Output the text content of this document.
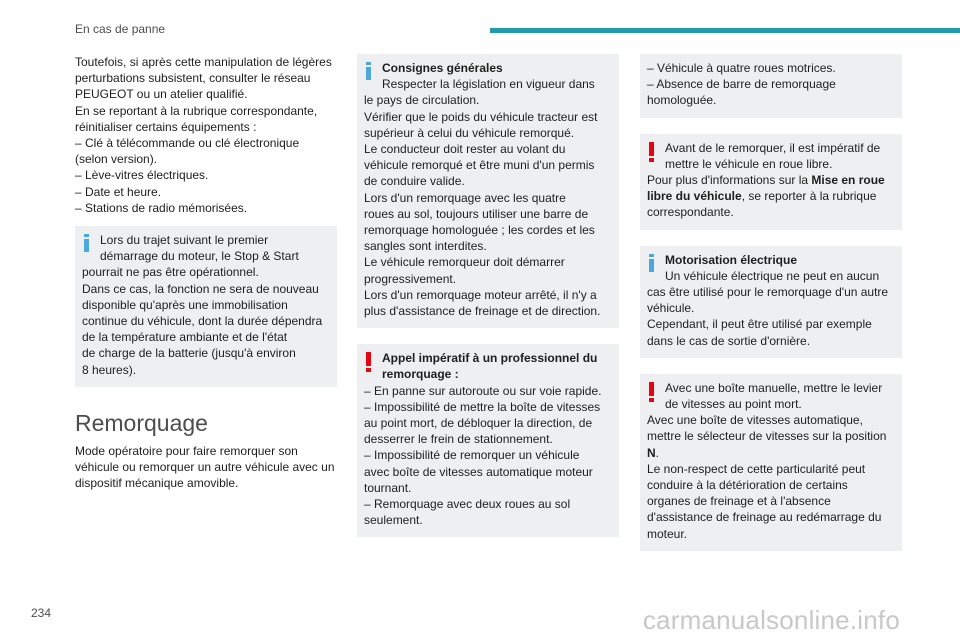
En cas de panne

Toutefois, si après cette manipulation de légères

perturbations subsistent, consulter le réseau

PEUGEOT ou un atelier qualifié.

En se reportant à la rubrique correspondante,

réinitialiser certains équipements :

– Clé à télécommande ou clé électronique

(selon version).

– Lève-vitres électriques.

– Date et heure.

– Stations de radio mémorisées.

Lors du trajet suivant le premier
démarrage du moteur, le Stop & Start
pourrait ne pas être opérationnel.
Dans ce cas, la fonction ne sera de nouveau
disponible qu'après une immobilisation
continue du véhicule, dont la durée dépendra
de la température ambiante et de l'état
de charge de la batterie (jusqu'à environ
8 heures).
Remorquage

Mode opératoire pour faire remorquer son

véhicule ou remorquer un autre véhicule avec un

dispositif mécanique amovible.

Consignes générales
Respecter la législation en vigueur dans
le pays de circulation.
Vérifier que le poids du véhicule tracteur est
supérieur à celui du véhicule remorqué.
Le conducteur doit rester au volant du
véhicule remorqué et être muni d'un permis
de conduire valide.
Lors d'un remorquage avec les quatre
roues au sol, toujours utiliser une barre de
remorquage homologuée ; les cordes et les
sangles sont interdites.
Le véhicule remorqueur doit démarrer
progressivement.
Lors d'un remorquage moteur arrêté, il n'y a
plus d'assistance de freinage et de direction.
Appel impératif à un professionnel du
remorquage :
– En panne sur autoroute ou sur voie rapide.
– Impossibilité de mettre la boîte de vitesses
au point mort, de débloquer la direction, de
desserrer le frein de stationnement.
– Impossibilité de remorquer un véhicule
avec boîte de vitesses automatique moteur
tournant.
– Remorquage avec deux roues au sol
seulement.
– Véhicule à quatre roues motrices.
– Absence de barre de remorquage
homologuée.
Avant de le remorquer, il est impératif de
mettre le véhicule en roue libre.
Pour plus d'informations sur la Mise en roue
libre du véhicule, se reporter à la rubrique
correspondante.
Motorisation électrique
Un véhicule électrique ne peut en aucun
cas être utilisé pour le remorquage d'un autre
véhicule.
Cependant, il peut être utilisé par exemple
dans le cas de sortie d'ornière.
Avec une boîte manuelle, mettre le levier
de vitesses au point mort.
Avec une boîte de vitesses automatique,
mettre le sélecteur de vitesses sur la position
N.
Le non-respect de cette particularité peut
conduire à la détérioration de certains
organes de freinage et à l'absence
d'assistance de freinage au redémarrage du
moteur.
234	carmanualsonline.info
